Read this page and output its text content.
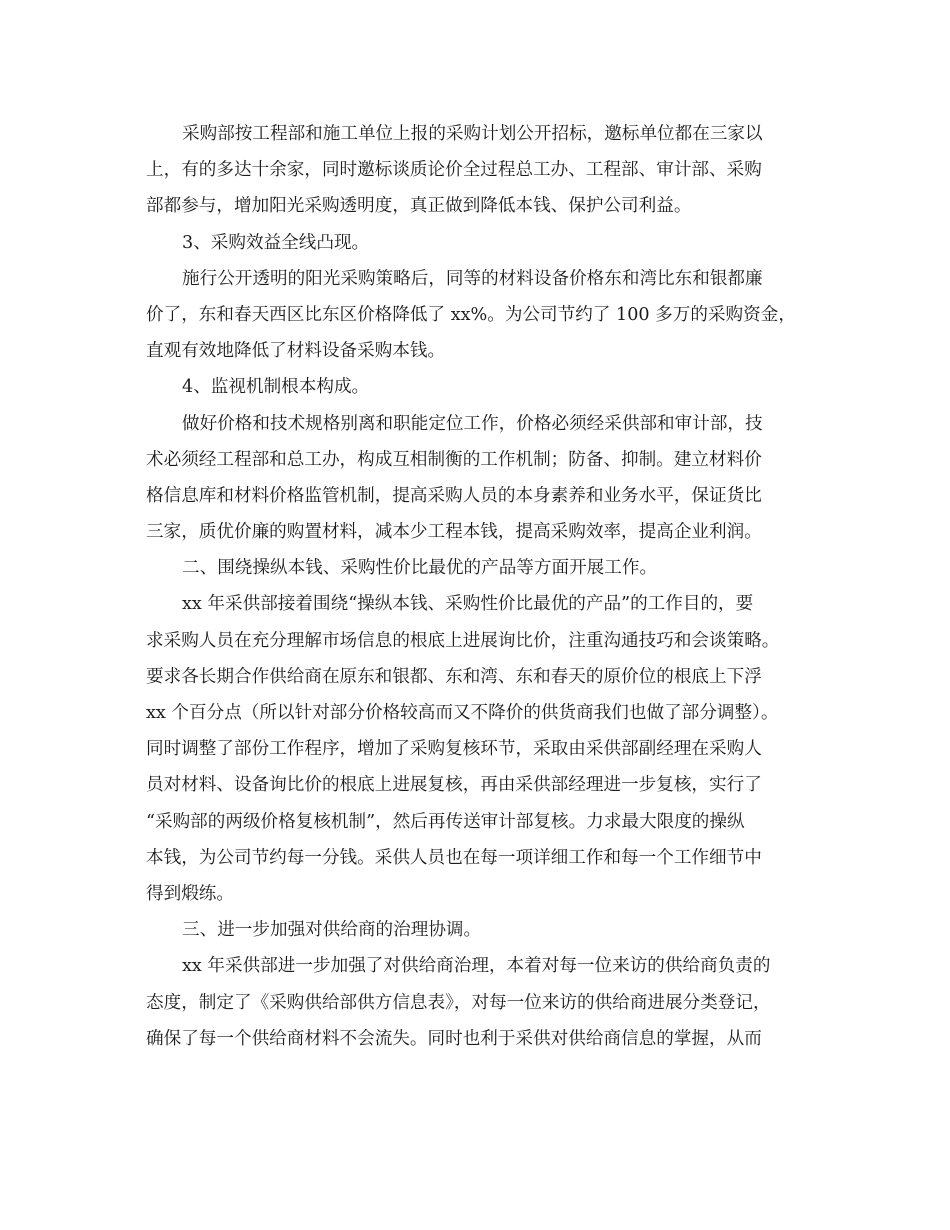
采购部按工程部和施工单位上报的采购计划公开招标，邀标单位都在三家以
上，有的多达十余家，同时邀标谈质论价全过程总工办、工程部、审计部、采购
部都参与，增加阳光采购透明度，真正做到降低本钱、保护公司利益。
3、采购效益全线凸现。
施行公开透明的阳光采购策略后，同等的材料设备价格东和湾比东和银都廉
价了，东和春天西区比东区价格降低了 xx%。为公司节约了 100 多万的采购资金，
直观有效地降低了材料设备采购本钱。
4、监视机制根本构成。
做好价格和技术规格别离和职能定位工作，价格必须经采供部和审计部，技
术必须经工程部和总工办，构成互相制衡的工作机制；防备、抑制。建立材料价
格信息库和材料价格监管机制，提高采购人员的本身素养和业务水平，保证货比
三家，质优价廉的购置材料，减本少工程本钱，提高采购效率，提高企业利润。
二、围绕操纵本钱、采购性价比最优的产品等方面开展工作。
xx 年采供部接着围绕“操纵本钱、采购性价比最优的产品”的工作目的，要
求采购人员在充分理解市场信息的根底上进展询比价，注重沟通技巧和会谈策略。
要求各长期合作供给商在原东和银都、东和湾、东和春天的原价位的根底上下浮
xx 个百分点（所以针对部分价格较高而又不降价的供货商我们也做了部分调整）。
同时调整了部份工作程序，增加了采购复核环节，采取由采供部副经理在采购人
员对材料、设备询比价的根底上进展复核，再由采供部经理进一步复核，实行了
“采购部的两级价格复核机制”，然后再传送审计部复核。力求最大限度的操纵
本钱，为公司节约每一分钱。采供人员也在每一项详细工作和每一个工作细节中
得到煅练。
三、进一步加强对供给商的治理协调。
xx 年采供部进一步加强了对供给商治理，本着对每一位来访的供给商负责的
态度，制定了《采购供给部供方信息表》，对每一位来访的供给商进展分类登记，
确保了每一个供给商材料不会流失。同时也利于采供对供给商信息的掌握，从而
